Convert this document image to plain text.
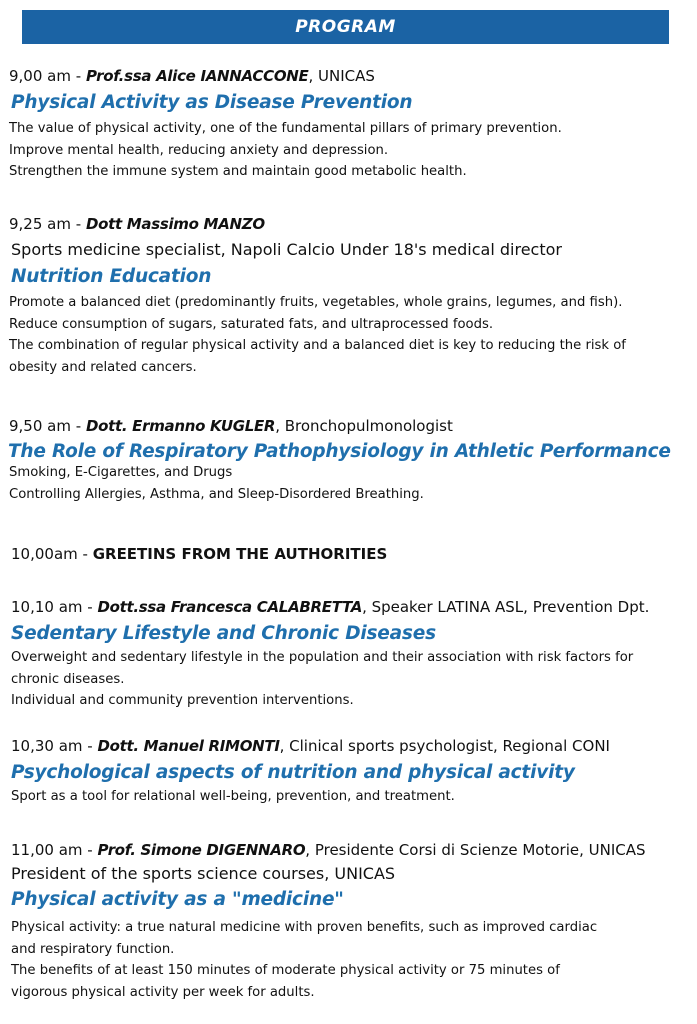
PROGRAM
9,00 am - Prof.ssa Alice IANNACCONE, UNICAS
Physical Activity as Disease Prevention
The value of physical activity, one of the fundamental pillars of primary prevention.
Improve mental health, reducing anxiety and depression.
Strengthen the immune system and maintain good metabolic health.
9,25 am - Dott Massimo MANZO
Sports medicine specialist, Napoli Calcio Under 18's medical director
Nutrition Education
Promote a balanced diet (predominantly fruits, vegetables, whole grains, legumes, and fish).
Reduce consumption of sugars, saturated fats, and ultraprocessed foods.
The combination of regular physical activity and a balanced diet is key to reducing the risk of
obesity and related cancers.
9,50 am - Dott. Ermanno KUGLER, Bronchopulmonologist
The Role of Respiratory Pathophysiology in Athletic Performance
Smoking, E-Cigarettes, and Drugs
Controlling Allergies, Asthma, and Sleep-Disordered Breathing.
10,00am - GREETINS FROM THE AUTHORITIES
10,10 am - Dott.ssa Francesca CALABRETTA, Speaker LATINA ASL, Prevention Dpt.
Sedentary Lifestyle and Chronic Diseases
Overweight and sedentary lifestyle in the population and their association with risk factors for
chronic diseases.
Individual and community prevention interventions.
10,30 am - Dott. Manuel RIMONTI, Clinical sports psychologist, Regional CONI
Psychological aspects of nutrition and physical activity
Sport as a tool for relational well-being, prevention, and treatment.
11,00 am - Prof. Simone DIGENNARO, Presidente Corsi di Scienze Motorie, UNICAS
President of the sports science courses, UNICAS
Physical activity as a "medicine"
Physical activity: a true natural medicine with proven benefits, such as improved cardiac
and respiratory function.
The benefits of at least 150 minutes of moderate physical activity or 75 minutes of
vigorous physical activity per week for adults.
